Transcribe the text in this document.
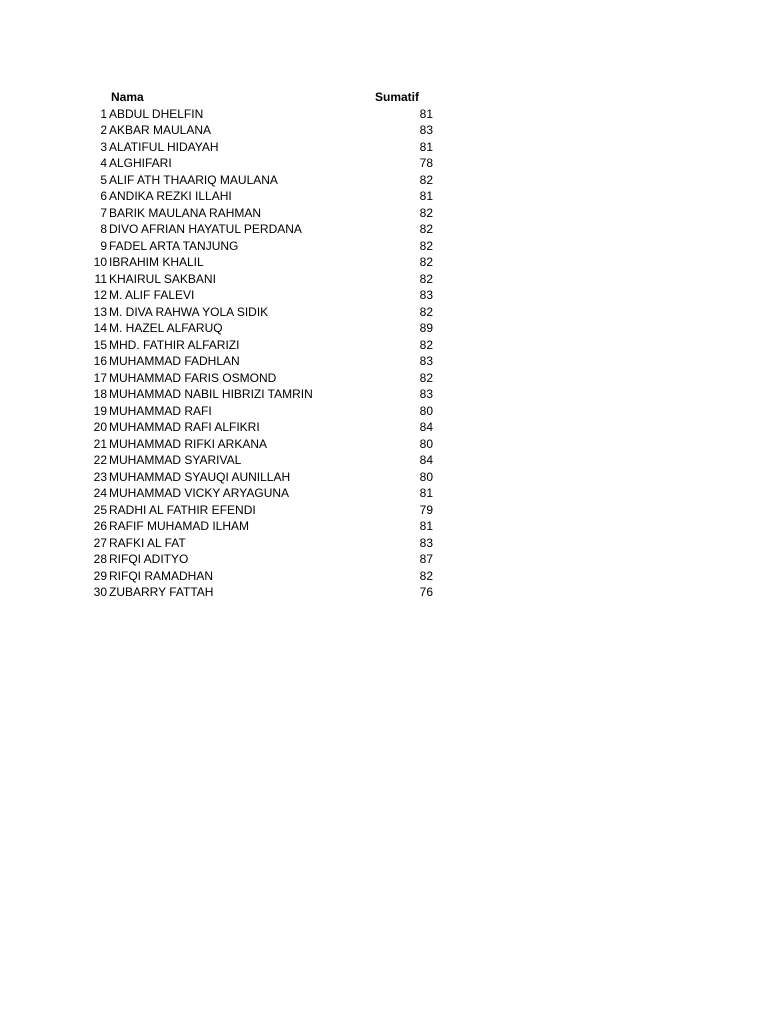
Nama	Sumatif
1 ABDUL DHELFIN	81
2 AKBAR MAULANA	83
3 ALATIFUL HIDAYAH	81
4 ALGHIFARI	78
5 ALIF ATH THAARIQ MAULANA	82
6 ANDIKA REZKI ILLAHI	81
7 BARIK MAULANA RAHMAN	82
8 DIVO AFRIAN HAYATUL PERDANA	82
9 FADEL ARTA TANJUNG	82
10 IBRAHIM KHALIL	82
11 KHAIRUL SAKBANI	82
12 M. ALIF FALEVI	83
13 M. DIVA RAHWA YOLA SIDIK	82
14 M. HAZEL ALFARUQ	89
15 MHD. FATHIR ALFARIZI	82
16 MUHAMMAD FADHLAN	83
17 MUHAMMAD FARIS OSMOND	82
18 MUHAMMAD NABIL HIBRIZI TAMRIN	83
19 MUHAMMAD RAFI	80
20 MUHAMMAD RAFI ALFIKRI	84
21 MUHAMMAD RIFKI ARKANA	80
22 MUHAMMAD SYARIVAL	84
23 MUHAMMAD SYAUQI AUNILLAH	80
24 MUHAMMAD VICKY ARYAGUNA	81
25 RADHI AL FATHIR EFENDI	79
26 RAFIF MUHAMAD ILHAM	81
27 RAFKI AL FAT	83
28 RIFQI ADITYO	87
29 RIFQI RAMADHAN	82
30 ZUBARRY FATTAH	76
